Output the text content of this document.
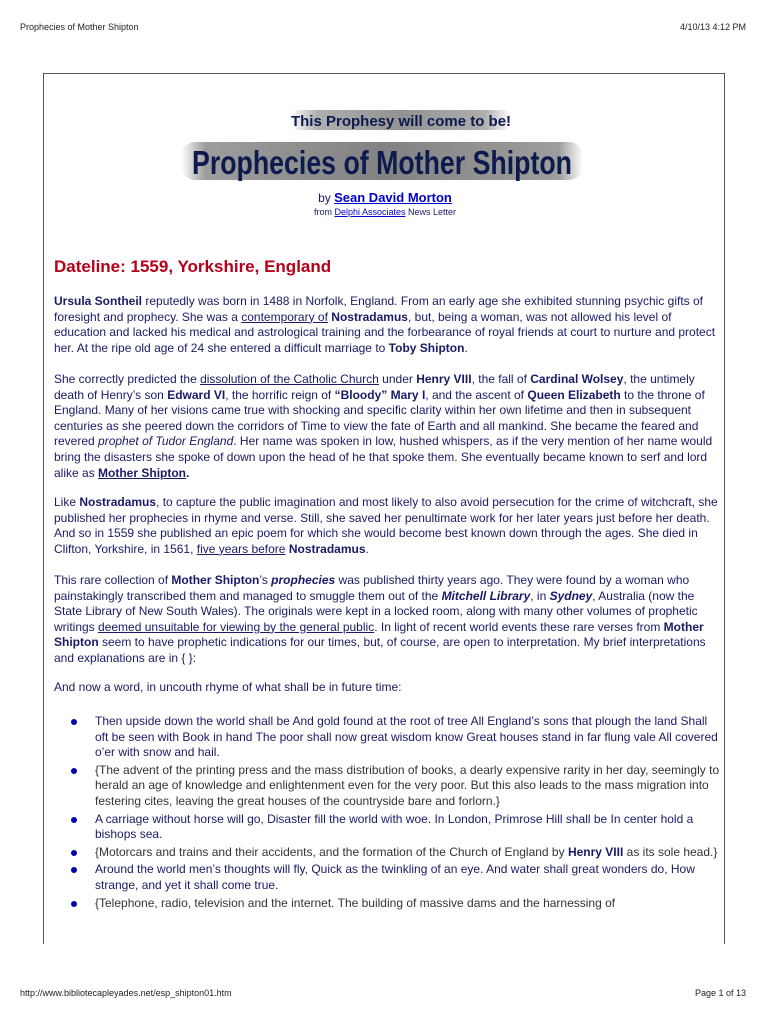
Prophecies of Mother Shipton	4/10/13 4:12 PM
This Prophesy will come to be!
Prophecies of Mother Shipton
by Sean David Morton
from Delphi Associates News Letter
Dateline: 1559, Yorkshire, England
Ursula Sontheil reputedly was born in 1488 in Norfolk, England. From an early age she exhibited stunning psychic gifts of foresight and prophecy. She was a contemporary of Nostradamus, but, being a woman, was not allowed his level of education and lacked his medical and astrological training and the forbearance of royal friends at court to nurture and protect her. At the ripe old age of 24 she entered a difficult marriage to Toby Shipton.
She correctly predicted the dissolution of the Catholic Church under Henry VIII, the fall of Cardinal Wolsey, the untimely death of Henry’s son Edward VI, the horrific reign of “Bloody” Mary I, and the ascent of Queen Elizabeth to the throne of England. Many of her visions came true with shocking and specific clarity within her own lifetime and then in subsequent centuries as she peered down the corridors of Time to view the fate of Earth and all mankind. She became the feared and revered prophet of Tudor England. Her name was spoken in low, hushed whispers, as if the very mention of her name would bring the disasters she spoke of down upon the head of he that spoke them. She eventually became known to serf and lord alike as Mother Shipton.
Like Nostradamus, to capture the public imagination and most likely to also avoid persecution for the crime of witchcraft, she published her prophecies in rhyme and verse. Still, she saved her penultimate work for her later years just before her death. And so in 1559 she published an epic poem for which she would become best known down through the ages. She died in Clifton, Yorkshire, in 1561, five years before Nostradamus.
This rare collection of Mother Shipton’s prophecies was published thirty years ago. They were found by a woman who painstakingly transcribed them and managed to smuggle them out of the Mitchell Library, in Sydney, Australia (now the State Library of New South Wales). The originals were kept in a locked room, along with many other volumes of prophetic writings deemed unsuitable for viewing by the general public. In light of recent world events these rare verses from Mother Shipton seem to have prophetic indications for our times, but, of course, are open to interpretation. My brief interpretations and explanations are in { }:
And now a word, in uncouth rhyme of what shall be in future time:
Then upside down the world shall be And gold found at the root of tree All England’s sons that plough the land Shall oft be seen with Book in hand The poor shall now great wisdom know Great houses stand in far flung vale All covered o’er with snow and hail.
{The advent of the printing press and the mass distribution of books, a dearly expensive rarity in her day, seemingly to herald an age of knowledge and enlightenment even for the very poor. But this also leads to the mass migration into festering cites, leaving the great houses of the countryside bare and forlorn.}
A carriage without horse will go, Disaster fill the world with woe. In London, Primrose Hill shall be In center hold a bishops sea.
{Motorcars and trains and their accidents, and the formation of the Church of England by Henry VIII as its sole head.}
Around the world men’s thoughts will fly, Quick as the twinkling of an eye. And water shall great wonders do, How strange, and yet it shall come true.
{Telephone, radio, television and the internet. The building of massive dams and the harnessing of
http://www.bibliotecapleyades.net/esp_shipton01.htm	Page 1 of 13
